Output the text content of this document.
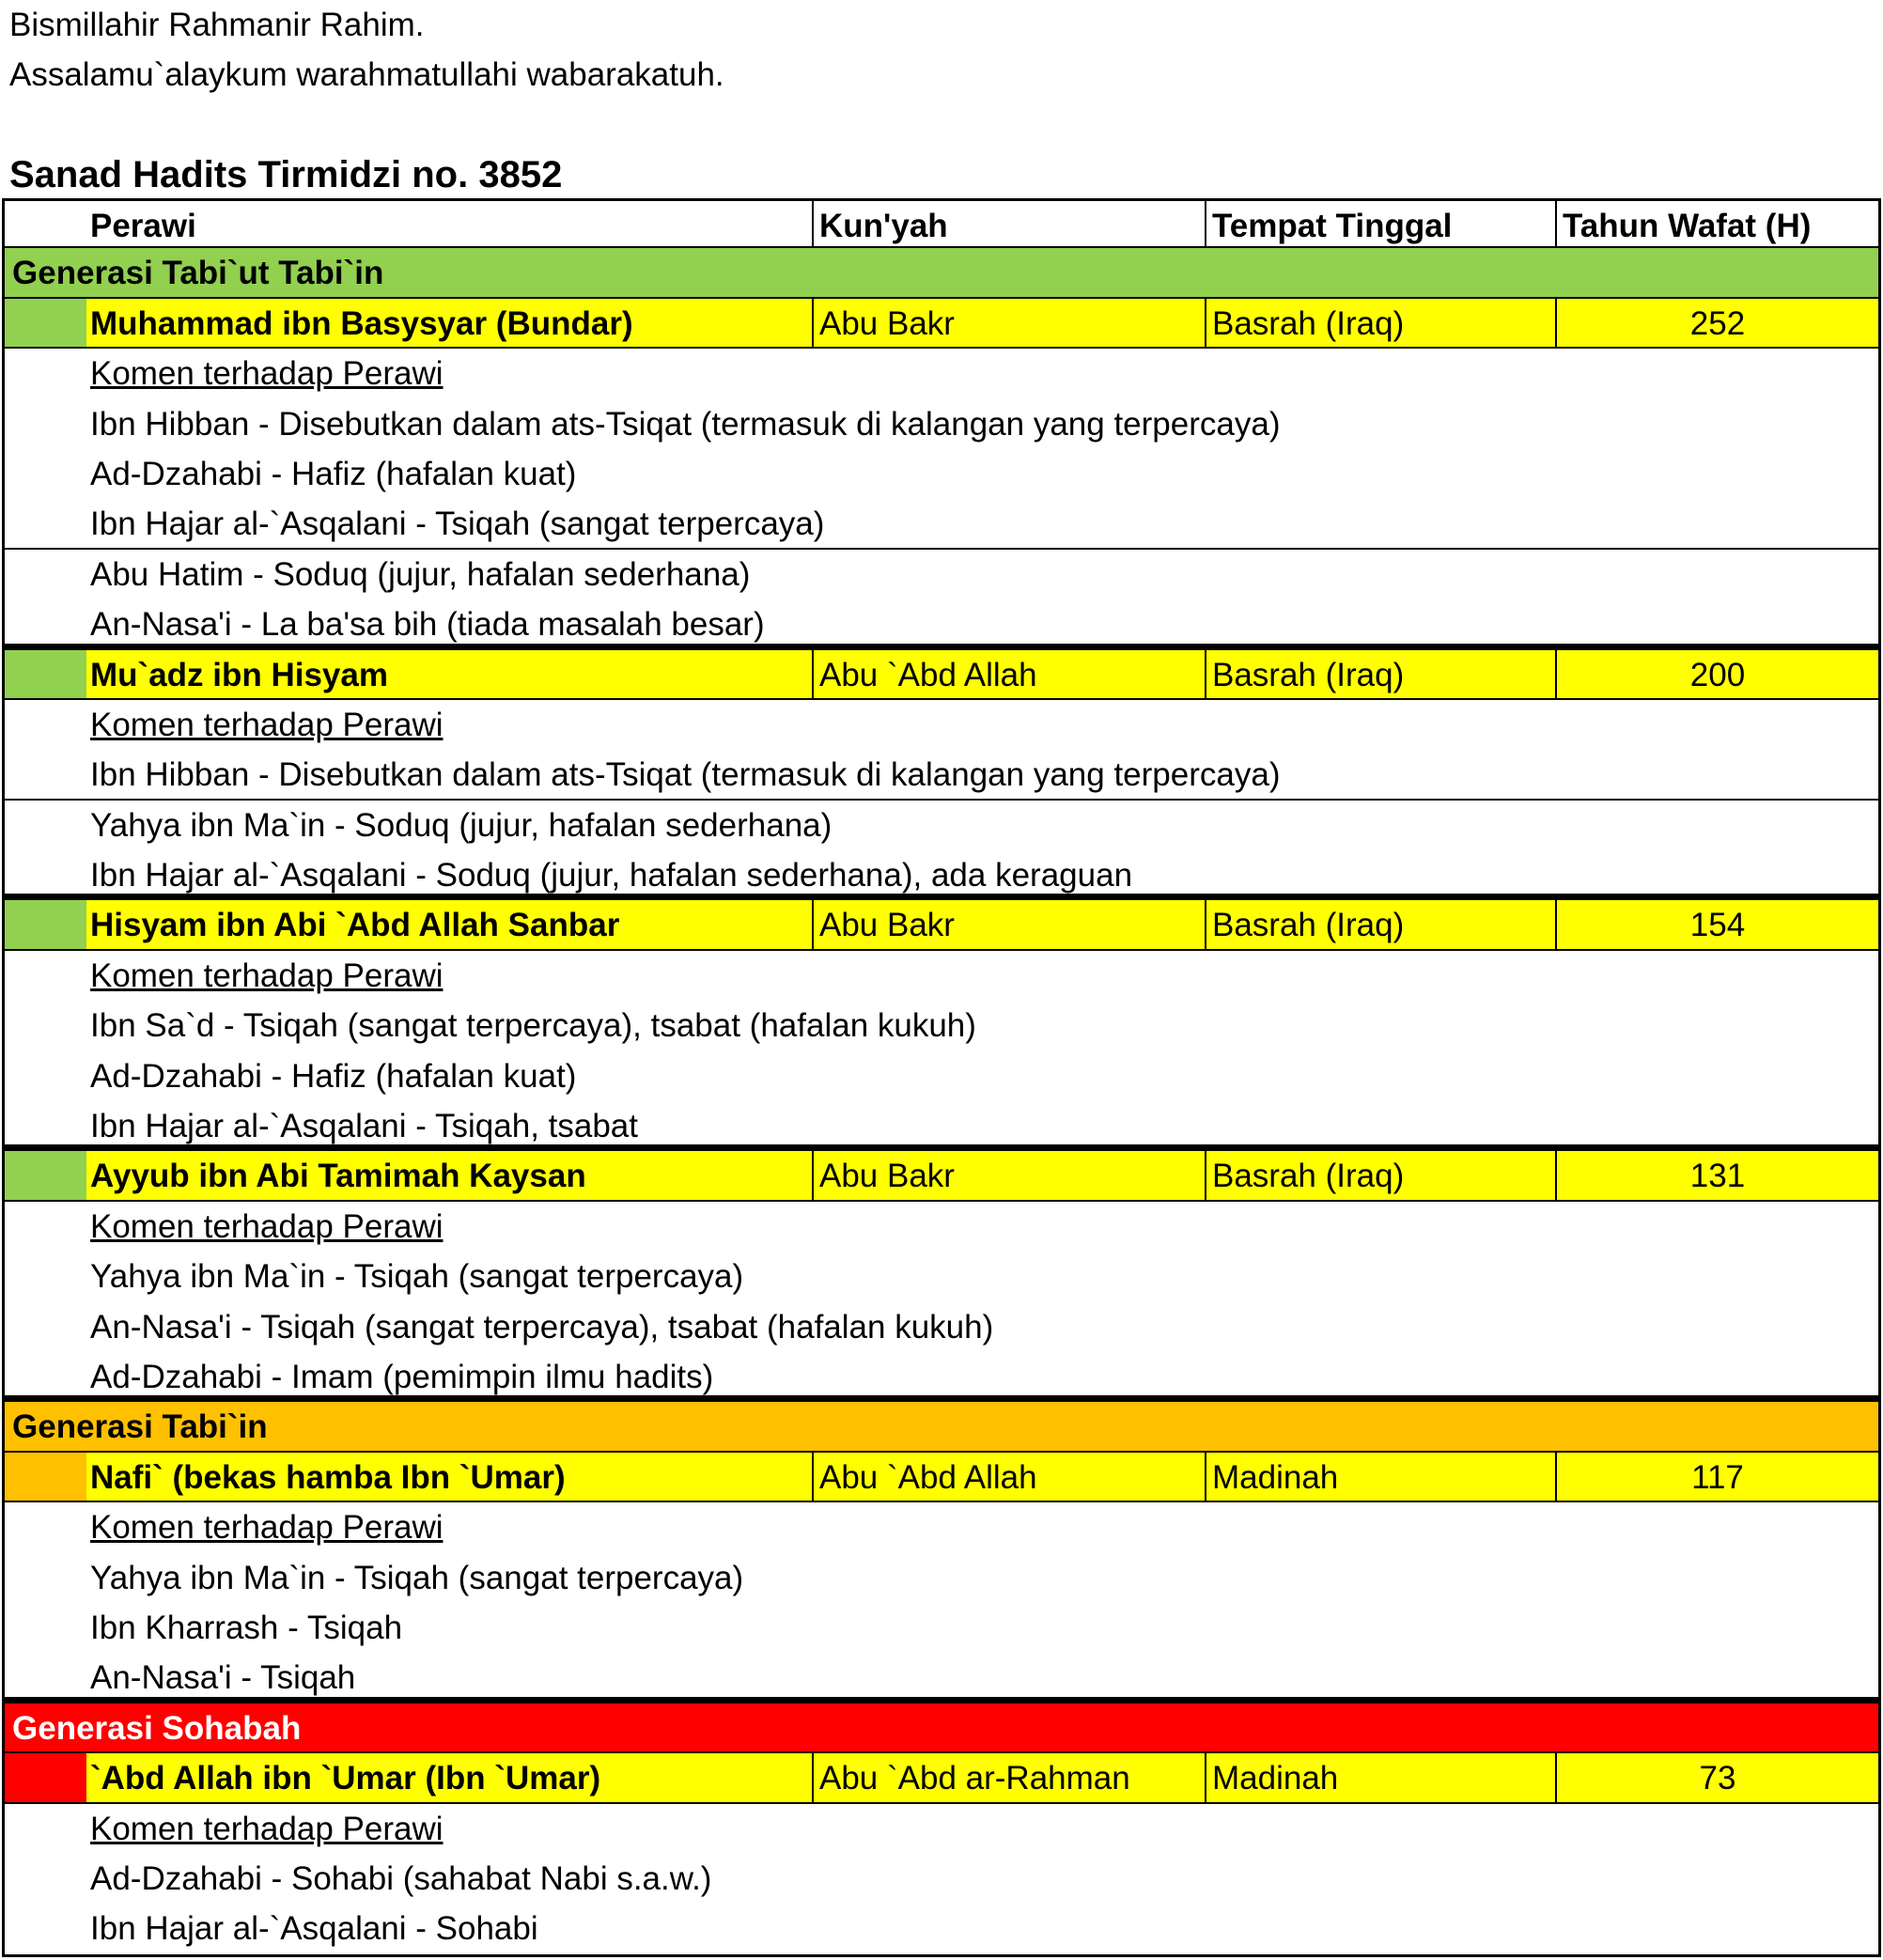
Bismillahir Rahmanir Rahim.
Assalamu`alaykum warahmatullahi wabarakatuh.
Sanad Hadits Tirmidzi no. 3852
Perawi	Kun'yah	Tempat Tinggal	Tahun Wafat (H)
Generasi Tabi`ut Tabi`in
Muhammad ibn Basysyar (Bundar)	Abu Bakr	Basrah (Iraq)	252
Komen terhadap Perawi
Ibn Hibban - Disebutkan dalam ats-Tsiqat (termasuk di kalangan yang terpercaya)
Ad-Dzahabi - Hafiz (hafalan kuat)
Ibn Hajar al-`Asqalani - Tsiqah (sangat terpercaya)
Abu Hatim - Soduq (jujur, hafalan sederhana)
An-Nasa'i - La ba'sa bih (tiada masalah besar)
Mu`adz ibn Hisyam	Abu `Abd Allah	Basrah (Iraq)	200
Komen terhadap Perawi
Ibn Hibban - Disebutkan dalam ats-Tsiqat (termasuk di kalangan yang terpercaya)
Yahya ibn Ma`in - Soduq (jujur, hafalan sederhana)
Ibn Hajar al-`Asqalani - Soduq (jujur, hafalan sederhana), ada keraguan
Hisyam ibn Abi `Abd Allah Sanbar	Abu Bakr	Basrah (Iraq)	154
Komen terhadap Perawi
Ibn Sa`d - Tsiqah (sangat terpercaya), tsabat (hafalan kukuh)
Ad-Dzahabi - Hafiz (hafalan kuat)
Ibn Hajar al-`Asqalani - Tsiqah, tsabat
Ayyub ibn Abi Tamimah Kaysan	Abu Bakr	Basrah (Iraq)	131
Komen terhadap Perawi
Yahya ibn Ma`in - Tsiqah (sangat terpercaya)
An-Nasa'i - Tsiqah (sangat terpercaya), tsabat (hafalan kukuh)
Ad-Dzahabi - Imam (pemimpin ilmu hadits)
Generasi Tabi`in
Nafi` (bekas hamba Ibn `Umar)	Abu `Abd Allah	Madinah	117
Komen terhadap Perawi
Yahya ibn Ma`in - Tsiqah (sangat terpercaya)
Ibn Kharrash - Tsiqah
An-Nasa'i - Tsiqah
Generasi Sohabah
`Abd Allah ibn `Umar (Ibn `Umar)	Abu `Abd ar-Rahman	Madinah	73
Komen terhadap Perawi
Ad-Dzahabi - Sohabi (sahabat Nabi s.a.w.)
Ibn Hajar al-`Asqalani - Sohabi
